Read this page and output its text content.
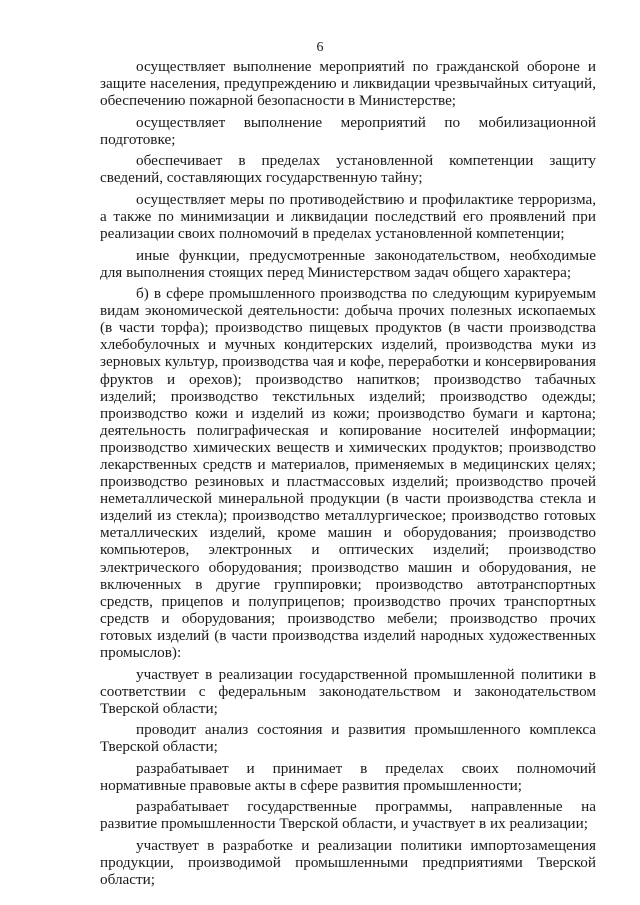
6

осуществляет выполнение мероприятий по гражданской обороне и защите населения, предупреждению и ликвидации чрезвычайных ситуаций, обеспечению пожарной безопасности в Министерстве;

осуществляет выполнение мероприятий по мобилизационной подготовке;

обеспечивает в пределах установленной компетенции защиту сведений, составляющих государственную тайну;

осуществляет меры по противодействию и профилактике терроризма, а также по минимизации и ликвидации последствий его проявлений при реализации своих полномочий в пределах установленной компетенции;

иные функции, предусмотренные законодательством, необходимые для выполнения стоящих перед Министерством задач общего характера;

б) в сфере промышленного производства по следующим курируемым видам экономической деятельности: добыча прочих полезных ископаемых (в части торфа); производство пищевых продуктов (в части производства хлебобулочных и мучных кондитерских изделий, производства муки из зерновых культур, производства чая и кофе, переработки и консервирования фруктов и орехов); производство напитков; производство табачных изделий; производство текстильных изделий; производство одежды; производство кожи и изделий из кожи; производство бумаги и картона; деятельность полиграфическая и копирование носителей информации; производство химических веществ и химических продуктов; производство лекарственных средств и материалов, применяемых в медицинских целях; производство резиновых и пластмассовых изделий; производство прочей неметаллической минеральной продукции (в части производства стекла и изделий из стекла); производство металлургическое; производство готовых металлических изделий, кроме машин и оборудования; производство компьютеров, электронных и оптических изделий; производство электрического оборудования; производство машин и оборудования, не включенных в другие группировки; производство автотранспортных средств, прицепов и полуприцепов; производство прочих транспортных средств и оборудования; производство мебели; производство прочих готовых изделий (в части производства изделий народных художественных промыслов):

участвует в реализации государственной промышленной политики в соответствии с федеральным законодательством и законодательством Тверской области;

проводит анализ состояния и развития промышленного комплекса Тверской области;

разрабатывает и принимает в пределах своих полномочий нормативные правовые акты в сфере развития промышленности;

разрабатывает государственные программы, направленные на развитие промышленности Тверской области, и участвует в их реализации;

участвует в разработке и реализации политики импортозамещения продукции, производимой промышленными предприятиями Тверской области;
